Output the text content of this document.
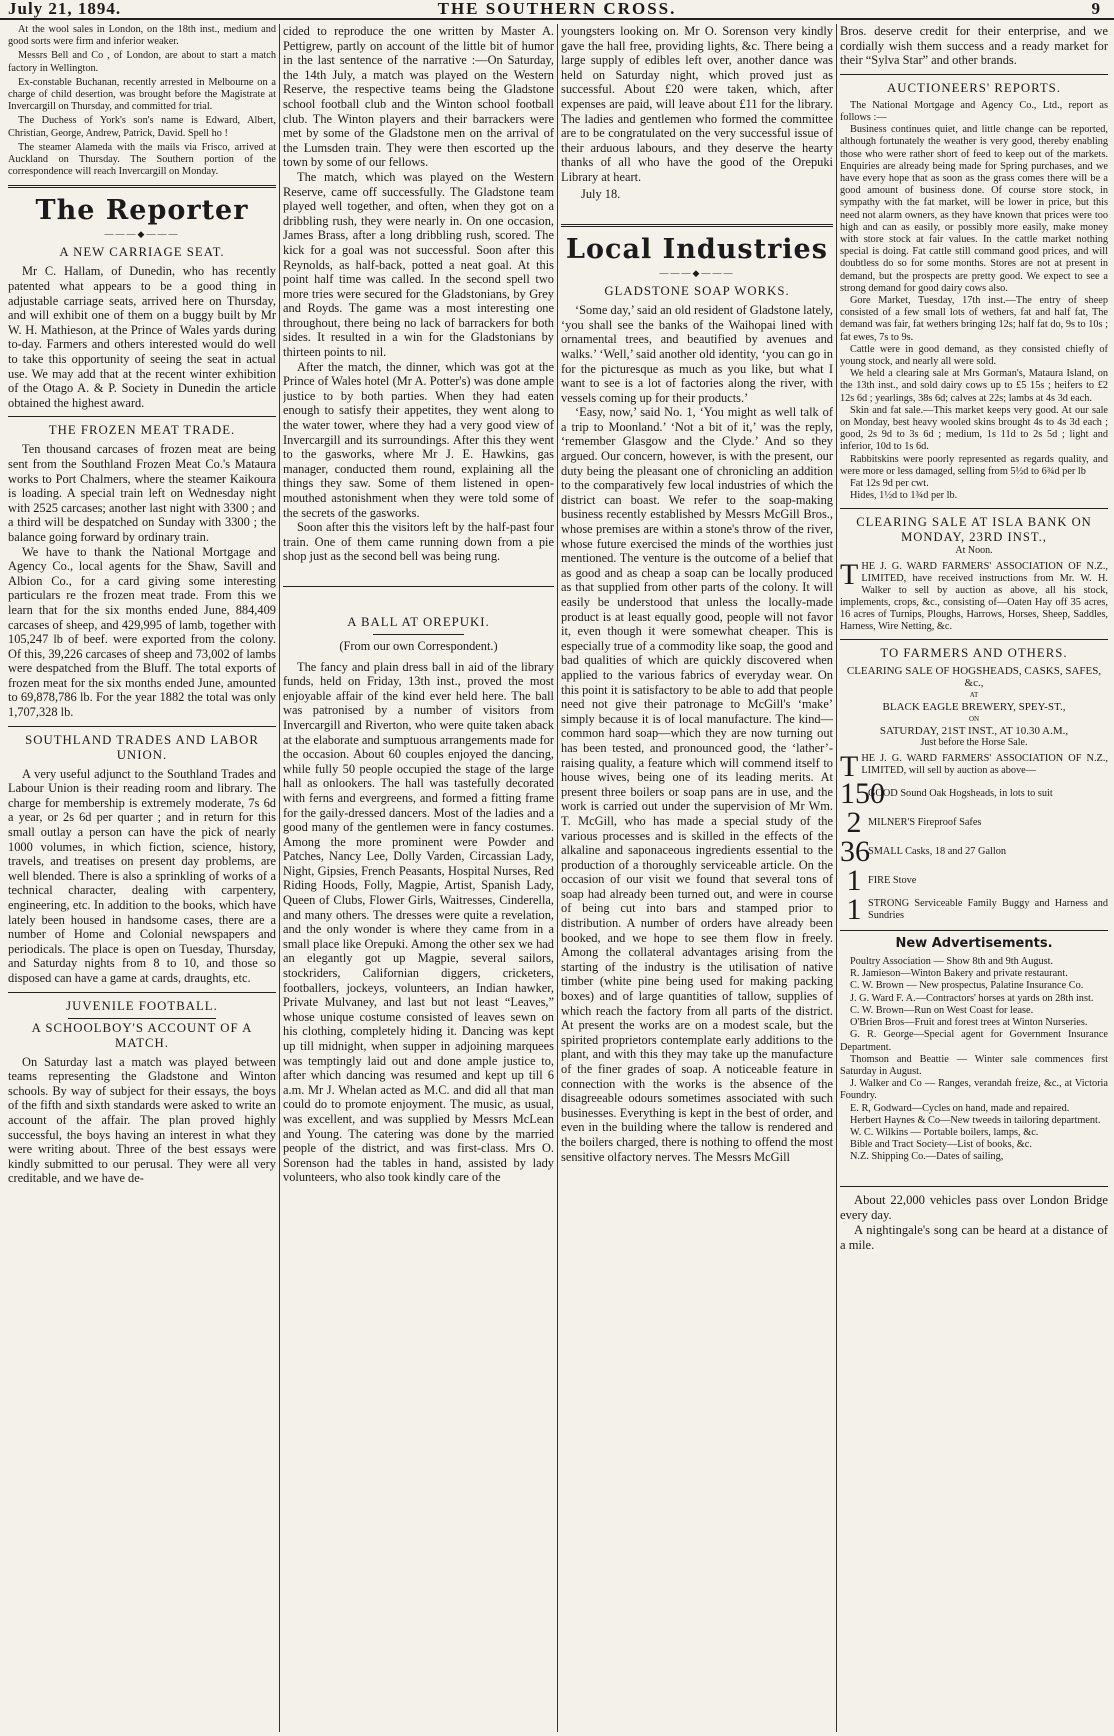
July 21, 1894.	THE SOUTHERN CROSS.	9

At the wool sales in London, on the 18th inst., medium and good sorts were firm and inferior weaker.

Messrs Bell and Co , of London, are about to start a match factory in Wellington.

Ex-constable Buchanan, recently arrested in Melbourne on a charge of child desertion, was brought before the Magistrate at Invercargill on Thursday, and committed for trial.

The Duchess of York's son's name is Edward, Albert, Christian, George, Andrew, Patrick, David. Spell ho !

The steamer Alameda with the mails via Frisco, arrived at Auckland on Thursday. The Southern portion of the correspondence will reach Invercargill on Monday.

The Reporter
———◆———
A NEW CARRIAGE SEAT.

Mr C. Hallam, of Dunedin, who has recently patented what appears to be a good thing in adjustable carriage seats, arrived here on Thursday, and will exhibit one of them on a buggy built by Mr W. H. Mathieson, at the Prince of Wales yards during to-day. Farmers and others interested would do well to take this opportunity of seeing the seat in actual use. We may add that at the recent winter exhibition of the Otago A. & P. Society in Dunedin the article obtained the highest award.

THE FROZEN MEAT TRADE.

Ten thousand carcases of frozen meat are being sent from the Southland Frozen Meat Co.'s Mataura works to Port Chalmers, where the steamer Kaikoura is loading. A special train left on Wednesday night with 2525 carcases; another last night with 3300 ; and a third will be despatched on Sunday with 3300 ; the balance going forward by ordinary train.

We have to thank the National Mortgage and Agency Co., local agents for the Shaw, Savill and Albion Co., for a card giving some interesting particulars re the frozen meat trade. From this we learn that for the six months ended June, 884,409 carcases of sheep, and 429,995 of lamb, together with 105,247 lb of beef. were exported from the colony. Of this, 39,226 carcases of sheep and 73,002 of lambs were despatched from the Bluff. The total exports of frozen meat for the six months ended June, amounted to 69,878,786 lb. For the year 1882 the total was only 1,707,328 lb.

SOUTHLAND TRADES AND LABOR UNION.

A very useful adjunct to the Southland Trades and Labour Union is their reading room and library. The charge for membership is extremely moderate, 7s 6d a year, or 2s 6d per quarter ; and in return for this small outlay a person can have the pick of nearly 1000 volumes, in which fiction, science, history, travels, and treatises on present day problems, are well blended. There is also a sprinkling of works of a technical character, dealing with carpentery, engineering, etc. In addition to the books, which have lately been housed in handsome cases, there are a number of Home and Colonial newspapers and periodicals. The place is open on Tuesday, Thursday, and Saturday nights from 8 to 10, and those so disposed can have a game at cards, draughts, etc.

JUVENILE FOOTBALL.
A SCHOOLBOY'S ACCOUNT OF A MATCH.

On Saturday last a match was played between teams representing the Gladstone and Winton schools. By way of subject for their essays, the boys of the fifth and sixth standards were asked to write an account of the affair. The plan proved highly successful, the boys having an interest in what they were writing about. Three of the best essays were kindly submitted to our perusal. They were all very creditable, and we have de-

cided to reproduce the one written by Master A. Pettigrew, partly on account of the little bit of humor in the last sentence of the narrative :—On Saturday, the 14th July, a match was played on the Western Reserve, the respective teams being the Gladstone school football club and the Winton school football club. The Winton players and their barrackers were met by some of the Gladstone men on the arrival of the Lumsden train. They were then escorted up the town by some of our fellows.

The match, which was played on the Western Reserve, came off successfully. The Gladstone team played well together, and often, when they got on a dribbling rush, they were nearly in. On one occasion, James Brass, after a long dribbling rush, scored. The kick for a goal was not successful. Soon after this Reynolds, as half-back, potted a neat goal. At this point half time was called. In the second spell two more tries were secured for the Gladstonians, by Grey and Royds. The game was a most interesting one throughout, there being no lack of barrackers for both sides. It resulted in a win for the Gladstonians by thirteen points to nil.

After the match, the dinner, which was got at the Prince of Wales hotel (Mr A. Potter's) was done ample justice to by both parties. When they had eaten enough to satisfy their appetites, they went along to the water tower, where they had a very good view of Invercargill and its surroundings. After this they went to the gasworks, where Mr J. E. Hawkins, gas manager, conducted them round, explaining all the things they saw. Some of them listened in open-mouthed astonishment when they were told some of the secrets of the gasworks.

Soon after this the visitors left by the half-past four train. One of them came running down from a pie shop just as the second bell was being rung.

A BALL AT OREPUKI.
(From our own Correspondent.)

The fancy and plain dress ball in aid of the library funds, held on Friday, 13th inst., proved the most enjoyable affair of the kind ever held here. The ball was patronised by a number of visitors from Invercargill and Riverton, who were quite taken aback at the elaborate and sumptuous arrangements made for the occasion. About 60 couples enjoyed the dancing, while fully 50 people occupied the stage of the large hall as onlookers. The hall was tastefully decorated with ferns and evergreens, and formed a fitting frame for the gaily-dressed dancers. Most of the ladies and a good many of the gentlemen were in fancy costumes. Among the more prominent were Powder and Patches, Nancy Lee, Dolly Varden, Circassian Lady, Night, Gipsies, French Peasants, Hospital Nurses, Red Riding Hoods, Folly, Magpie, Artist, Spanish Lady, Queen of Clubs, Flower Girls, Waitresses, Cinderella, and many others. The dresses were quite a revelation, and the only wonder is where they came from in a small place like Orepuki. Among the other sex we had an elegantly got up Magpie, several sailors, stockriders, Californian diggers, cricketers, footballers, jockeys, volunteers, an Indian hawker, Private Mulvaney, and last but not least “Leaves,” whose unique costume consisted of leaves sewn on his clothing, completely hiding it. Dancing was kept up till midnight, when supper in adjoining marquees was temptingly laid out and done ample justice to, after which dancing was resumed and kept up till 6 a.m. Mr J. Whelan acted as M.C. and did all that man could do to promote enjoyment. The music, as usual, was excellent, and was supplied by Messrs McLean and Young. The catering was done by the married people of the district, and was first-class. Mrs O. Sorenson had the tables in hand, assisted by lady volunteers, who also took kindly care of the

youngsters looking on. Mr O. Sorenson very kindly gave the hall free, providing lights, &c. There being a large supply of edibles left over, another dance was held on Saturday night, which proved just as successful. About £20 were taken, which, after expenses are paid, will leave about £11 for the library. The ladies and gentlemen who formed the committee are to be congratulated on the very successful issue of their arduous labours, and they deserve the hearty thanks of all who have the good of the Orepuki Library at heart.

July 18.

Local Industries
———◆———
GLADSTONE SOAP WORKS.

‘Some day,’ said an old resident of Gladstone lately, ‘you shall see the banks of the Waihopai lined with ornamental trees, and beautified by avenues and walks.’ ‘Well,’ said another old identity, ‘you can go in for the picturesque as much as you like, but what I want to see is a lot of factories along the river, with vessels coming up for their products.’

‘Easy, now,’ said No. 1, ‘You might as well talk of a trip to Moonland.’ ‘Not a bit of it,’ was the reply, ‘remember Glasgow and the Clyde.’ And so they argued. Our concern, however, is with the present, our duty being the pleasant one of chronicling an addition to the comparatively few local industries of which the district can boast. We refer to the soap-making business recently established by Messrs McGill Bros., whose premises are within a stone's throw of the river, whose future exercised the minds of the worthies just mentioned. The venture is the outcome of a belief that as good and as cheap a soap can be locally produced as that supplied from other parts of the colony. It will easily be understood that unless the locally-made product is at least equally good, people will not favor it, even though it were somewhat cheaper. This is especially true of a commodity like soap, the good and bad qualities of which are quickly discovered when applied to the various fabrics of everyday wear. On this point it is satisfactory to be able to add that people need not give their patronage to McGill's ‘make’ simply because it is of local manufacture. The kind—common hard soap—which they are now turning out has been tested, and pronounced good, the ‘lather’-raising quality, a feature which will commend itself to house wives, being one of its leading merits. At present three boilers or soap pans are in use, and the work is carried out under the supervision of Mr Wm. T. McGill, who has made a special study of the various processes and is skilled in the effects of the alkaline and saponaceous ingredients essential to the production of a thoroughly serviceable article. On the occasion of our visit we found that several tons of soap had already been turned out, and were in course of being cut into bars and stamped prior to distribution. A number of orders have already been booked, and we hope to see them flow in freely. Among the collateral advantages arising from the starting of the industry is the utilisation of native timber (white pine being used for making packing boxes) and of large quantities of tallow, supplies of which reach the factory from all parts of the district. At present the works are on a modest scale, but the spirited proprietors contemplate early additions to the plant, and with this they may take up the manufacture of the finer grades of soap. A noticeable feature in connection with the works is the absence of the disagreeable odours sometimes associated with such businesses. Everything is kept in the best of order, and even in the building where the tallow is rendered and the boilers charged, there is nothing to offend the most sensitive olfactory nerves. The Messrs McGill

Bros. deserve credit for their enterprise, and we cordially wish them success and a ready market for their “Sylva Star” and other brands.

AUCTIONEERS' REPORTS.

The National Mortgage and Agency Co., Ltd., report as follows :—

Business continues quiet, and little change can be reported, although fortunately the weather is very good, thereby enabling those who were rather short of feed to keep out of the markets. Enquiries are already being made for Spring purchases, and we have every hope that as soon as the grass comes there will be a good amount of business done. Of course store stock, in sympathy with the fat market, will be lower in price, but this need not alarm owners, as they have known that prices were too high and can as easily, or possibly more easily, make money with store stock at fair values. In the cattle market nothing special is doing. Fat cattle still command good prices, and will doubtless do so for some months. Stores are not at present in demand, but the prospects are pretty good. We expect to see a strong demand for good dairy cows also.

Gore Market, Tuesday, 17th inst.—The entry of sheep consisted of a few small lots of wethers, fat and half fat, The demand was fair, fat wethers bringing 12s; half fat do, 9s to 10s ; fat ewes, 7s to 9s.

Cattle were in good demand, as they consisted chiefly of young stock, and nearly all were sold.

We held a clearing sale at Mrs Gorman's, Mataura Island, on the 13th inst., and sold dairy cows up to £5 15s ; heifers to £2 12s 6d ; yearlings, 38s 6d; calves at 22s; lambs at 4s 3d each.

Skin and fat sale.—This market keeps very good. At our sale on Monday, best heavy wooled skins brought 4s to 4s 3d each ; good, 2s 9d to 3s 6d ; medium, 1s 11d to 2s 5d ; light and inferior, 10d to 1s 6d.

Rabbitskins were poorly represented as regards quality, and were more or less damaged, selling from 5½d to 6¾d per lb

Fat 12s 9d per cwt.

Hides, 1½d to 1¾d per lb.

CLEARING SALE AT ISLA BANK ON MONDAY, 23RD INST.,
At Noon.
THE J. G. WARD FARMERS' ASSOCIATION OF N.Z., LIMITED, have received instructions from Mr. W. H. Walker to sell by auction as above, all his stock, implements, crops, &c., consisting of—Oaten Hay off 35 acres, 16 acres of Turnips, Ploughs, Harrows, Horses, Sheep, Saddles, Harness, Wire Netting, &c.
TO FARMERS AND OTHERS.
CLEARING SALE OF HOGSHEADS, CASKS, SAFES, &c.,
AT
BLACK EAGLE BREWERY, SPEY-ST.,
ON
SATURDAY, 21ST INST., AT 10.30 A.M.,
Just before the Horse Sale.
THE J. G. WARD FARMERS' ASSOCIATION OF N.Z., LIMITED, will sell by auction as above—
150
GOOD Sound Oak Hogsheads, in lots to suit
2 MILNER'S Fireproof Safes
36
SMALL Casks, 18 and 27 Gallon
1 FIRE Stove
1 STRONG Serviceable Family Buggy and Harness and Sundries
New Advertisements.

Poultry Association — Show 8th and 9th August.

R. Jamieson—Winton Bakery and private restaurant.

C. W. Brown — New prospectus, Palatine Insurance Co.

J. G. Ward F. A.—Contractors' horses at yards on 28th inst.

C. W. Brown—Run on West Coast for lease.

O'Brien Bros—Fruit and forest trees at Winton Nurseries.

G. R. George—Special agent for Government Insurance Department.

Thomson and Beattie — Winter sale commences first Saturday in August.

J. Walker and Co — Ranges, verandah freize, &c., at Victoria Foundry.

E. R, Godward—Cycles on hand, made and repaired.

Herbert Haynes & Co—New tweeds in tailoring department.

W. C. Wilkins — Portable boilers, lamps, &c.

Bible and Tract Society—List of books, &c.

N.Z. Shipping Co.—Dates of sailing,

About 22,000 vehicles pass over London Bridge every day.

A nightingale's song can be heard at a distance of a mile.
